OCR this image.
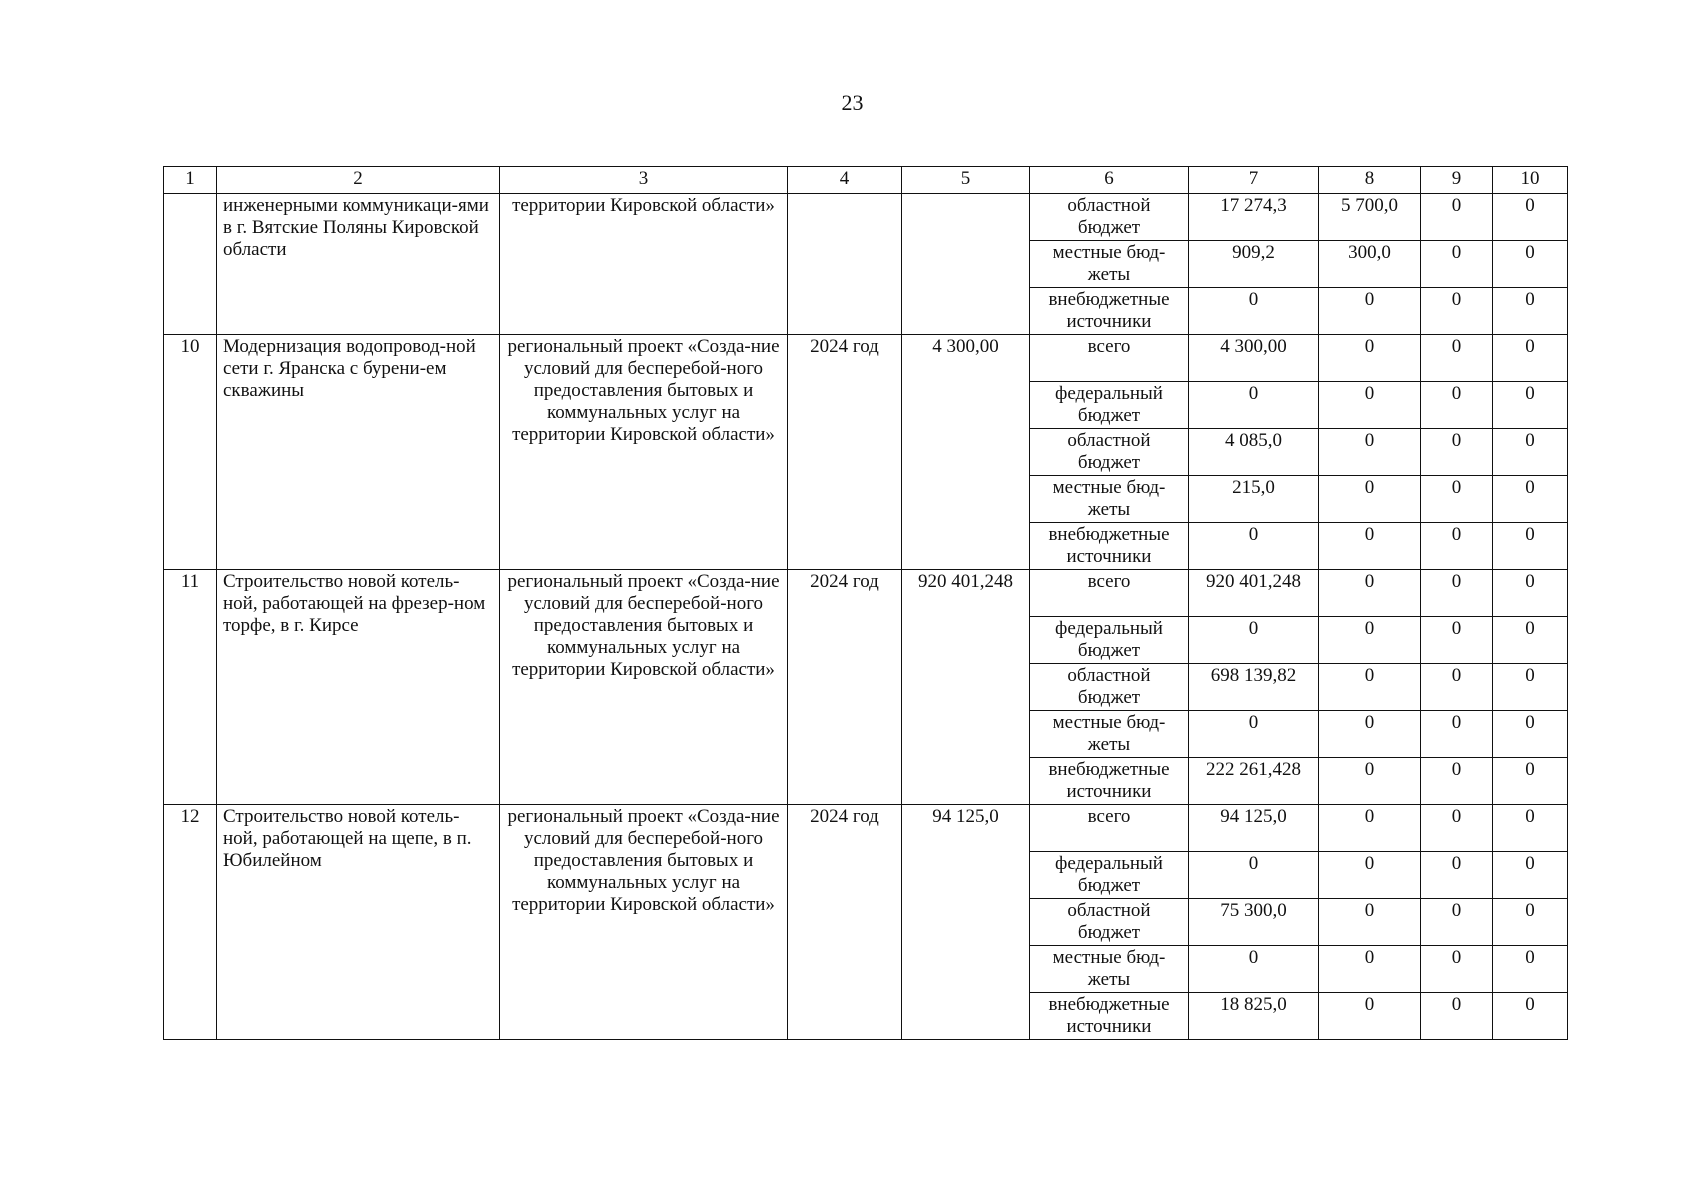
23
1	2	3	4	5	6	7	8	9	10
	инженерными коммуникаци-ями в г. Вятские Поляны Кировской области	территории Кировской области»			областной бюджет	17 274,3	5 700,0	0	0
					местные бюд-жеты	909,2	300,0	0	0
					внебюджетные источники	0	0	0	0
10	Модернизация водопровод-ной сети г. Яранска с бурени-ем скважины	региональный проект «Созда-ние условий для бесперебой-ного предоставления бытовых и коммунальных услуг на территории Кировской области»	2024 год	4 300,00	всего	4 300,00	0	0	0
					федеральный бюджет	0	0	0	0
					областной бюджет	4 085,0	0	0	0
					местные бюд-жеты	215,0	0	0	0
					внебюджетные источники	0	0	0	0
11	Строительство новой котель-ной, работающей на фрезер-ном торфе, в г. Кирсе	региональный проект «Созда-ние условий для бесперебой-ного предоставления бытовых и коммунальных услуг на территории Кировской области»	2024 год	920 401,248	всего	920 401,248	0	0	0
					федеральный бюджет	0	0	0	0
					областной бюджет	698 139,82	0	0	0
					местные бюд-жеты	0	0	0	0
					внебюджетные источники	222 261,428	0	0	0
12	Строительство новой котель-ной, работающей на щепе, в п. Юбилейном	региональный проект «Созда-ние условий для бесперебой-ного предоставления бытовых и коммунальных услуг на территории Кировской области»	2024 год	94 125,0	всего	94 125,0	0	0	0
					федеральный бюджет	0	0	0	0
					областной бюджет	75 300,0	0	0	0
					местные бюд-жеты	0	0	0	0
					внебюджетные источники	18 825,0	0	0	0
